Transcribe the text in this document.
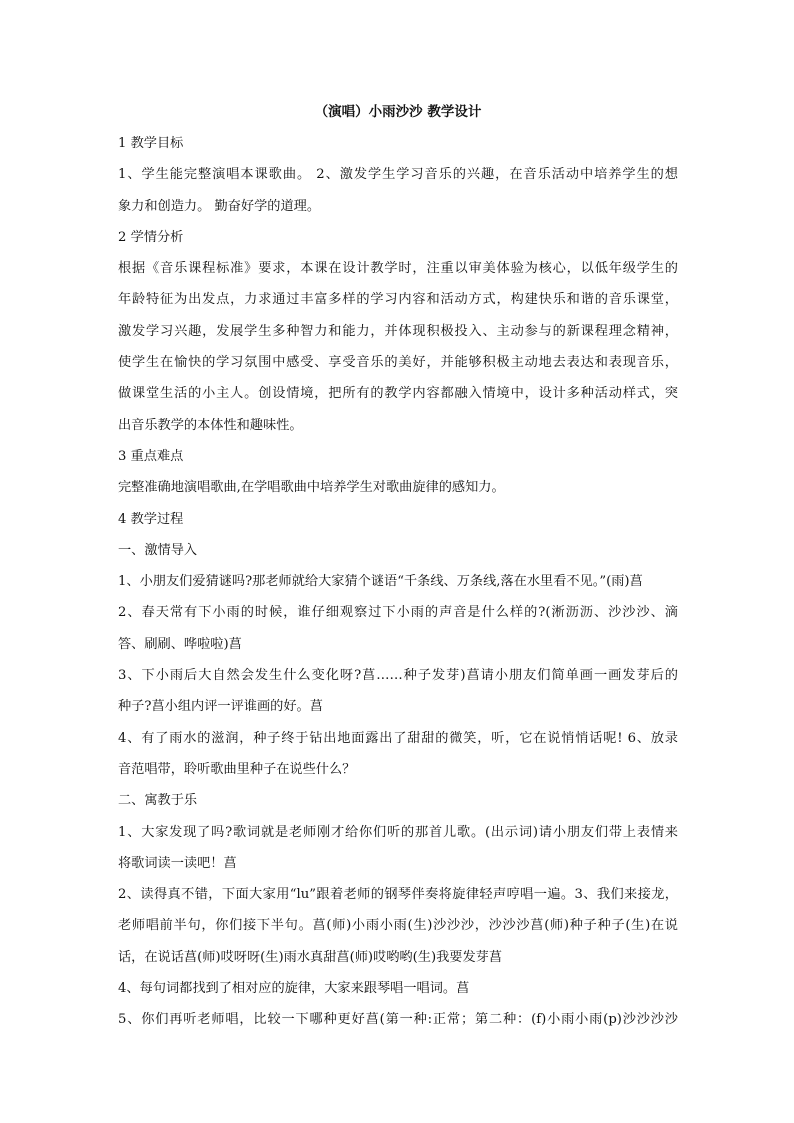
（演唱）小雨沙沙 教学设计

1 教学目标

1、学生能完整演唱本课歌曲。 2、激发学生学习音乐的兴趣，在音乐活动中培养学生的想

象力和创造力。 勤奋好学的道理。

2 学情分析

根据《音乐课程标准》要求，本课在设计教学时，注重以审美体验为核心，以低年级学生的

年龄特征为出发点，力求通过丰富多样的学习内容和活动方式，构建快乐和谐的音乐课堂，

激发学习兴趣，发展学生多种智力和能力，并体现积极投入、主动参与的新课程理念精神，

使学生在愉快的学习氛围中感受、享受音乐的美好，并能够积极主动地去表达和表现音乐，

做课堂生活的小主人。创设情境，把所有的教学内容都融入情境中，设计多种活动样式，突

出音乐教学的本体性和趣味性。

3 重点难点

完整准确地演唱歌曲,在学唱歌曲中培养学生对歌曲旋律的感知力。

4 教学过程

一、激情导入

1、小朋友们爱猜谜吗?那老师就给大家猜个谜语“千条线、万条线,落在水里看不见。”(雨)菖

2、春天常有下小雨的时候，谁仔细观察过下小雨的声音是什么样的?(淅沥沥、沙沙沙、滴

答、刷刷、哗啦啦)菖

3、下小雨后大自然会发生什么变化呀?菖……种子发芽)菖请小朋友们简单画一画发芽后的

种子?菖小组内评一评谁画的好。菖

4、有了雨水的滋润，种子终于钻出地面露出了甜甜的微笑，听，它在说悄悄话呢! 6、放录

音范唱带，聆听歌曲里种子在说些什么？

二、寓教于乐

1、大家发现了吗?歌词就是老师刚才给你们听的那首儿歌。(出示词)请小朋友们带上表情来

将歌词读一读吧！菖

2、读得真不错，下面大家用“lu”跟着老师的钢琴伴奏将旋律轻声哼唱一遍。3、我们来接龙，

老师唱前半句，你们接下半句。菖(师)小雨小雨(生)沙沙沙，沙沙沙菖(师)种子种子(生)在说

话，在说话菖(师)哎呀呀(生)雨水真甜菖(师)哎哟哟(生)我要发芽菖

4、每句词都找到了相对应的旋律，大家来跟琴唱一唱词。菖

5、你们再听老师唱，比较一下哪种更好菖(第一种:正常；第二种：(f)小雨小雨(p)沙沙沙沙
